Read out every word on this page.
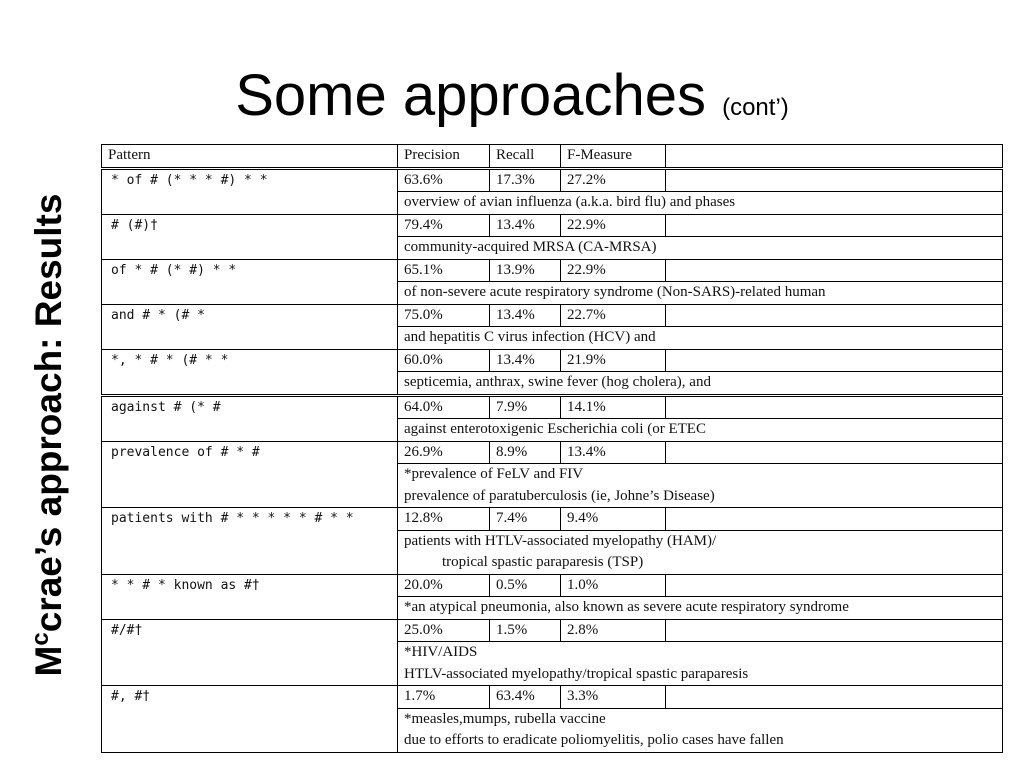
Some approaches (cont’)
$M^ccrae’s$ approach: Results
Pattern	Precision	Recall	F-Measure	
* of # (* * * #) * *	63.6%	17.3%	27.2%	

	overview of avian influenza (a.k.a. bird flu) and phases			

# (#)†	79.4%	13.4%	22.9%	

	community-acquired MRSA (CA-MRSA)			

of * # (* #) * *	65.1%	13.9%	22.9%	

	of non-severe acute respiratory syndrome (Non-SARS)-related human			

and # * (# *	75.0%	13.4%	22.7%	

	and hepatitis C virus infection (HCV) and			

*, * # * (# * *	60.0%	13.4%	21.9%	

	septicemia, anthrax, swine fever (hog cholera), and			

against # (* #	64.0%	7.9%	14.1%	

	against enterotoxigenic Escherichia coli (or ETEC			

prevalence of # * #	26.9%	8.9%	13.4%	

	*prevalence of FeLV and FIV
prevalence of paratuberculosis (ie, Johne’s Disease)			

patients with # * * * * * # * *	12.8%	7.4%	9.4%	

	patients with HTLV-associated myelopathy (HAM)/
tropical spastic paraparesis (TSP)			

* * # * known as #†	20.0%	0.5%	1.0%	

	*an atypical pneumonia, also known as severe acute respiratory syndrome			

#/#†	25.0%	1.5%	2.8%	

	*HIV/AIDS
HTLV-associated myelopathy/tropical spastic paraparesis			

#, #†	1.7%	63.4%	3.3%	

	*measles,mumps, rubella vaccine
due to efforts to eradicate poliomyelitis, polio cases have fallen			
